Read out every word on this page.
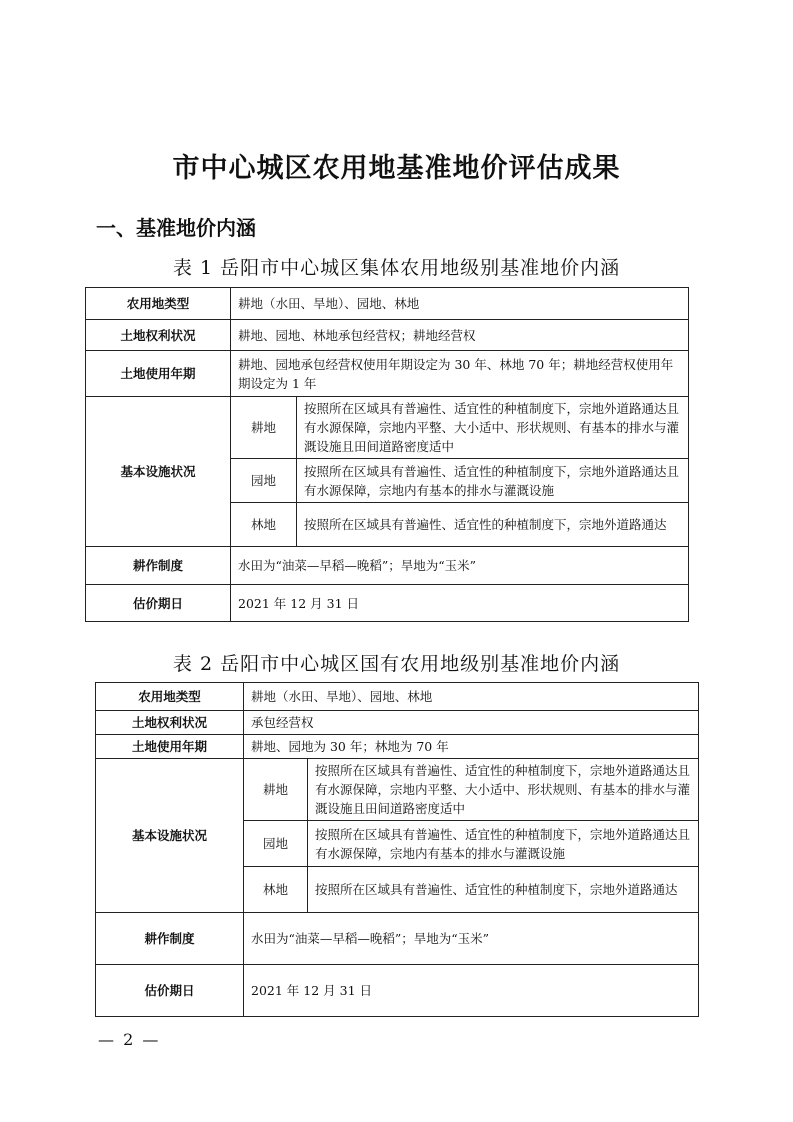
市中心城区农用地基准地价评估成果
一、基准地价内涵
表 1 岳阳市中心城区集体农用地级别基准地价内涵
农用地类型	耕地（水田、旱地）、园地、林地	
土地权利状况	耕地、园地、林地承包经营权；耕地经营权	
土地使用年期	耕地、园地承包经营权使用年期设定为 30 年、林地 70 年；耕地经营权使用年期设定为 1 年	
基本设施状况	耕地	按照所在区域具有普遍性、适宜性的种植制度下，宗地外道路通达且有水源保障，宗地内平整、大小适中、形状规则、有基本的排水与灌溉设施且田间道路密度适中
	园地	按照所在区域具有普遍性、适宜性的种植制度下，宗地外道路通达且有水源保障，宗地内有基本的排水与灌溉设施
	林地	按照所在区域具有普遍性、适宜性的种植制度下，宗地外道路通达
耕作制度	水田为“油菜—早稻—晚稻”；旱地为“玉米”	
估价期日	2021 年 12 月 31 日	
表 2 岳阳市中心城区国有农用地级别基准地价内涵
农用地类型	耕地（水田、旱地）、园地、林地	
土地权利状况	承包经营权	
土地使用年期	耕地、园地为 30 年；林地为 70 年	
基本设施状况	耕地	按照所在区域具有普遍性、适宜性的种植制度下，宗地外道路通达且有水源保障，宗地内平整、大小适中、形状规则、有基本的排水与灌溉设施且田间道路密度适中
	园地	按照所在区域具有普遍性、适宜性的种植制度下，宗地外道路通达且有水源保障，宗地内有基本的排水与灌溉设施
	林地	按照所在区域具有普遍性、适宜性的种植制度下，宗地外道路通达
耕作制度	水田为“油菜—早稻—晚稻”；旱地为“玉米”	
估价期日	2021 年 12 月 31 日	
— 2 —
